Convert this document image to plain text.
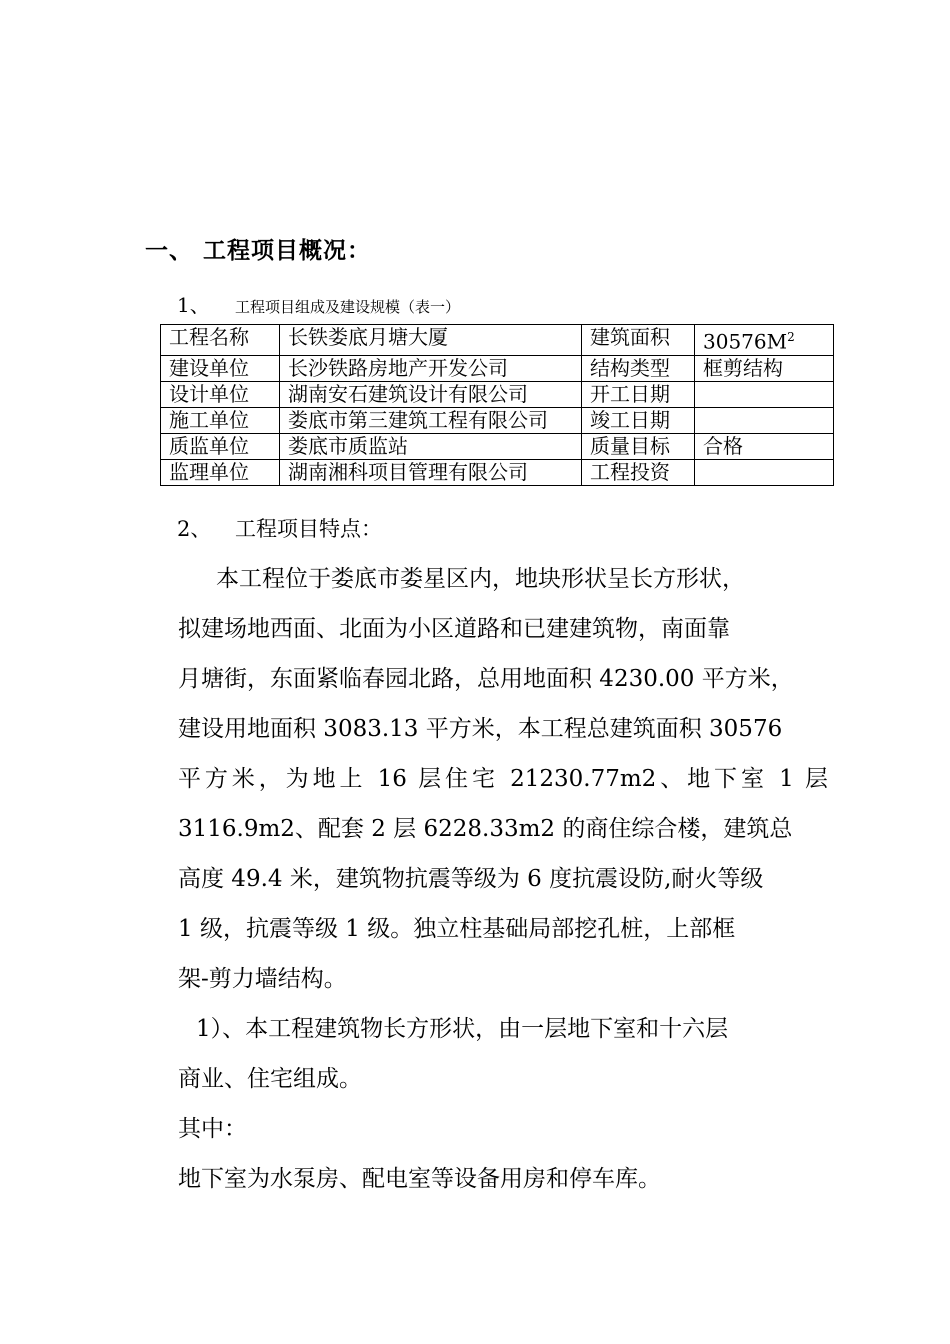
一、 工程项目概况：
1、 工程项目组成及建设规模（表一）
工程名称	长铁娄底月塘大厦	建筑面积	$30576M^2$
建设单位	长沙铁路房地产开发公司	结构类型	框剪结构
设计单位	湖南安石建筑设计有限公司	开工日期	
施工单位	娄底市第三建筑工程有限公司	竣工日期	
质监单位	娄底市质监站	质量目标	合格
监理单位	湖南湘科项目管理有限公司	工程投资	
2、 工程项目特点：
本工程位于娄底市娄星区内，地块形状呈长方形状，
拟建场地西面、北面为小区道路和已建建筑物，南面靠
月塘街，东面紧临春园北路，总用地面积 4230.00 平方米，
建设用地面积 3083.13 平方米，本工程总建筑面积 30576
平方米，为地上 16 层住宅 21230.77m2、地下室 1 层
3116.9m2、配套 2 层 6228.33m2 的商住综合楼，建筑总
高度 49.4 米，建筑物抗震等级为 6 度抗震设防,耐火等级
1 级，抗震等级 1 级。独立柱基础局部挖孔桩，上部框
架-剪力墙结构。
1）、本工程建筑物长方形状，由一层地下室和十六层
商业、住宅组成。
其中：
地下室为水泵房、配电室等设备用房和停车库。
